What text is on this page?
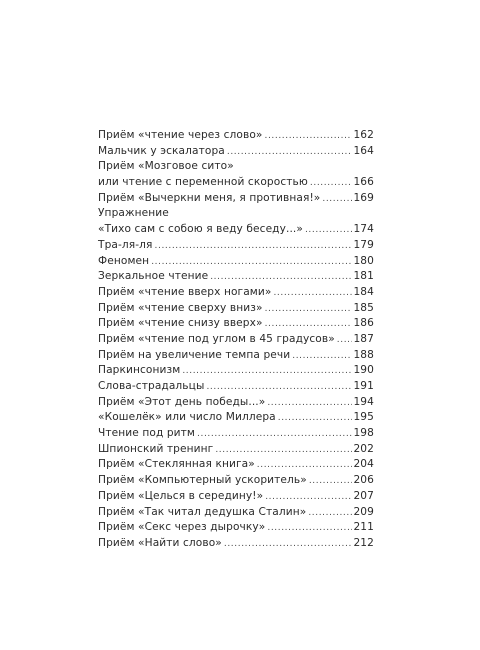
Приём «чтение через слово» .....	162
Мальчик у эскалатора .....	164
Приём «Мозговое сито»
или чтение с переменной скоростью .....	166
Приём «Вычеркни меня, я противная!» .....	169
Упражнение
«Тихо сам с собою я веду беседу...» .....	174
Тра-ля-ля .....	179
Феномен .....	180
Зеркальное чтение .....	181
Приём «чтение вверх ногами» .....	184
Приём «чтение сверху вниз» .....	185
Приём «чтение снизу вверх» .....	186
Приём «чтение под углом в 45 градусов» ..... 187
Приём на увеличение темпа речи .....	188
Паркинсонизм .....	190
Слова-страдальцы .....	191
Приём «Этот день победы...» .....	194
«Кошелёк» или число Миллера .....	195
Чтение под ритм .....	198
Шпионский тренинг .....	202
Приём «Стеклянная книга» .....	204
Приём «Компьютерный ускоритель» .....	206
Приём «Целься в середину!» .....	207
Приём «Так читал дедушка Сталин» .....	209
Приём «Секс через дырочку» .....	211
Приём «Найти слово» .....	212
